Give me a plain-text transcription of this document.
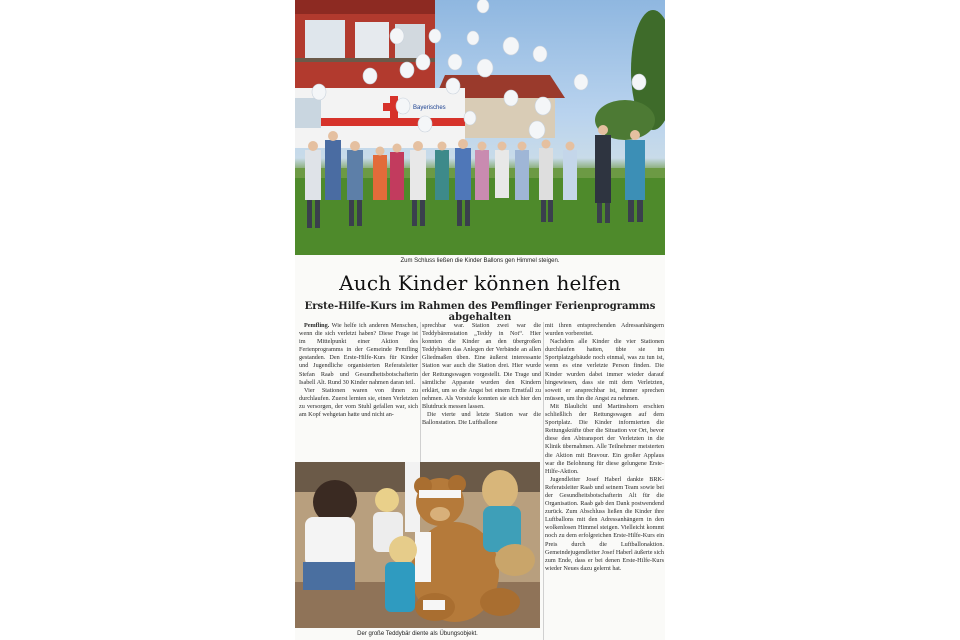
Bayerisches
Zum Schluss ließen die Kinder Ballons gen Himmel steigen.
Auch Kinder können helfen
Erste-Hilfe-Kurs im Rahmen des Pemflinger Ferienprogramms abgehalten

Pemfling. Wie helfe ich anderen Menschen, wenn die sich verletzt haben? Diese Frage ist im Mittelpunkt einer Aktion des Ferienprogramms in der Gemeinde Pemfling gestanden. Den Erste-Hilfe-Kurs für Kinder und Jugendliche organisierten Referatsleiter Stefan Raab und Gesundheitsbotschafterin Isabell Alt. Rund 30 Kinder nahmen daran teil.

Vier Stationen waren von ihnen zu durchlaufen. Zuerst lernten sie, einen Verletzten zu versorgen, der vom Stuhl gefallen war, sich am Kopf wehgetan hatte und nicht an-

sprechbar war. Station zwei war die Teddybärenstation „Teddy in Not“. Hier konnten die Kinder an den übergroßen Teddybären das Anlegen der Verbände an allen Gliedmaßen üben. Eine äußerst interessante Station war auch die Station drei. Hier wurde der Rettungswagen vorgestellt. Die Trage und sämtliche Apparate wurden den Kindern erklärt, um so die Angst bei einem Ernstfall zu nehmen. Als Vorstufe konnten sie sich hier den Blutdruck messen lassen.

Die vierte und letzte Station war die Ballonstation. Die Luftballone

mit ihren entsprechenden Adressanhängern wurden vorbereitet.

Nachdem alle Kinder die vier Stationen durchlaufen hatten, übte sie im Sportplatzgebäude noch einmal, was zu tun ist, wenn es eine verletzte Person finden. Die Kinder wurden dabei immer wieder darauf hingewiesen, dass sie mit dem Verletzten, soweit er ansprechbar ist, immer sprechen müssen, um ihn die Angst zu nehmen.

Mit Blaulicht und Martinshorn erschien schließlich der Rettungswagen auf dem Sportplatz. Die Kinder informierten die Rettungskräfte über die Situation vor Ort, bevor diese den Abtransport der Verletzten in die Klinik übernahmen. Alle Teilnehmer meisterten die Aktion mit Bravour. Ein großer Applaus war die Belohnung für diese gelungene Erste-Hilfe-Aktion.

Jugendleiter Josef Haberl dankte BRK-Referatsleiter Raab und seinem Team sowie bei der Gesundheitsbotschafterin Alt für die Organisation. Raab gab den Dank postwendend zurück. Zum Abschluss ließen die Kinder ihre Luftballons mit den Adressanhängern in den wolkenlosen Himmel steigen. Vielleicht kommt noch zu dem erfolgreichen Erste-Hilfe-Kurs ein Preis durch die Luftballonaktion. Gemeindejugendleiter Josef Haberl äußerte sich zum Ende, dass er bei denen Erste-Hilfe-Kurs wieder Neues dazu gelernt hat.

Der große Teddybär diente als Übungsobjekt.
